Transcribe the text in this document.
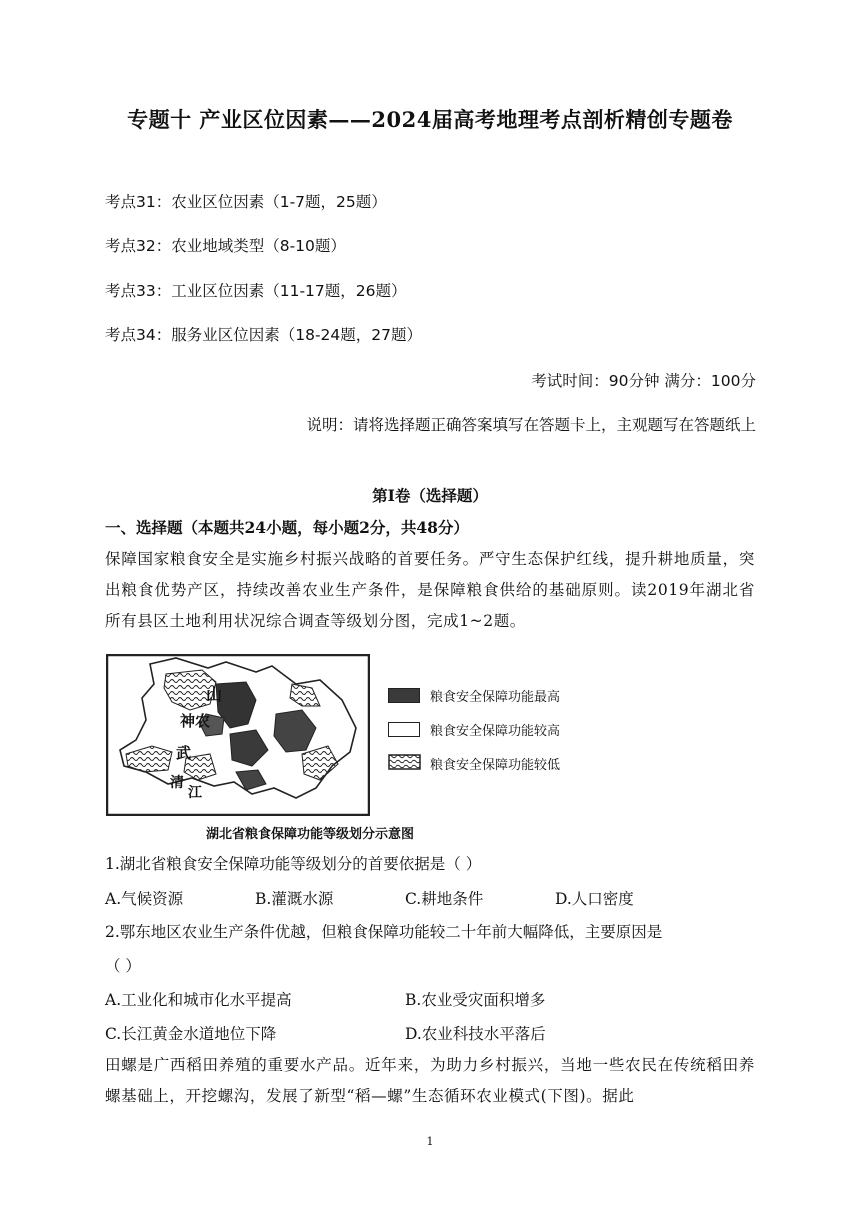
专题十 产业区位因素——2024届高考地理考点剖析精创专题卷
考点31：农业区位因素（1-7题，25题）
考点32：农业地域类型（8-10题）
考点33：工业区位因素（11-17题，26题）
考点34：服务业区位因素（18-24题，27题）
考试时间：90分钟 满分：100分
说明：请将选择题正确答案填写在答题卡上，主观题写在答题纸上
第I卷（选择题）
一、选择题（本题共24小题，每小题2分，共48分）
保障国家粮食安全是实施乡村振兴战略的首要任务。严守生态保护红线，提升耕地质量，突出粮食优势产区，持续改善农业生产条件，是保障粮食供给的基础原则。读2019年湖北省所有县区土地利用状况综合调查等级划分图，完成1~2题。
神农
山
武
清
江
粮食安全保障功能最高
粮食安全保障功能较高
粮食安全保障功能较低
湖北省粮食保障功能等级划分示意图
1.湖北省粮食安全保障功能等级划分的首要依据是（ ）
A.气候资源	B.灌溉水源	C.耕地条件	D.人口密度
2.鄂东地区农业生产条件优越，但粮食保障功能较二十年前大幅降低，主要原因是
（ ）
A.工业化和城市化水平提高	B.农业受灾面积增多
C.长江黄金水道地位下降	D.农业科技水平落后
田螺是广西稻田养殖的重要水产品。近年来，为助力乡村振兴，当地一些农民在传统稻田养螺基础上，开挖螺沟，发展了新型“稻—螺”生态循环农业模式(下图)。据此
1
